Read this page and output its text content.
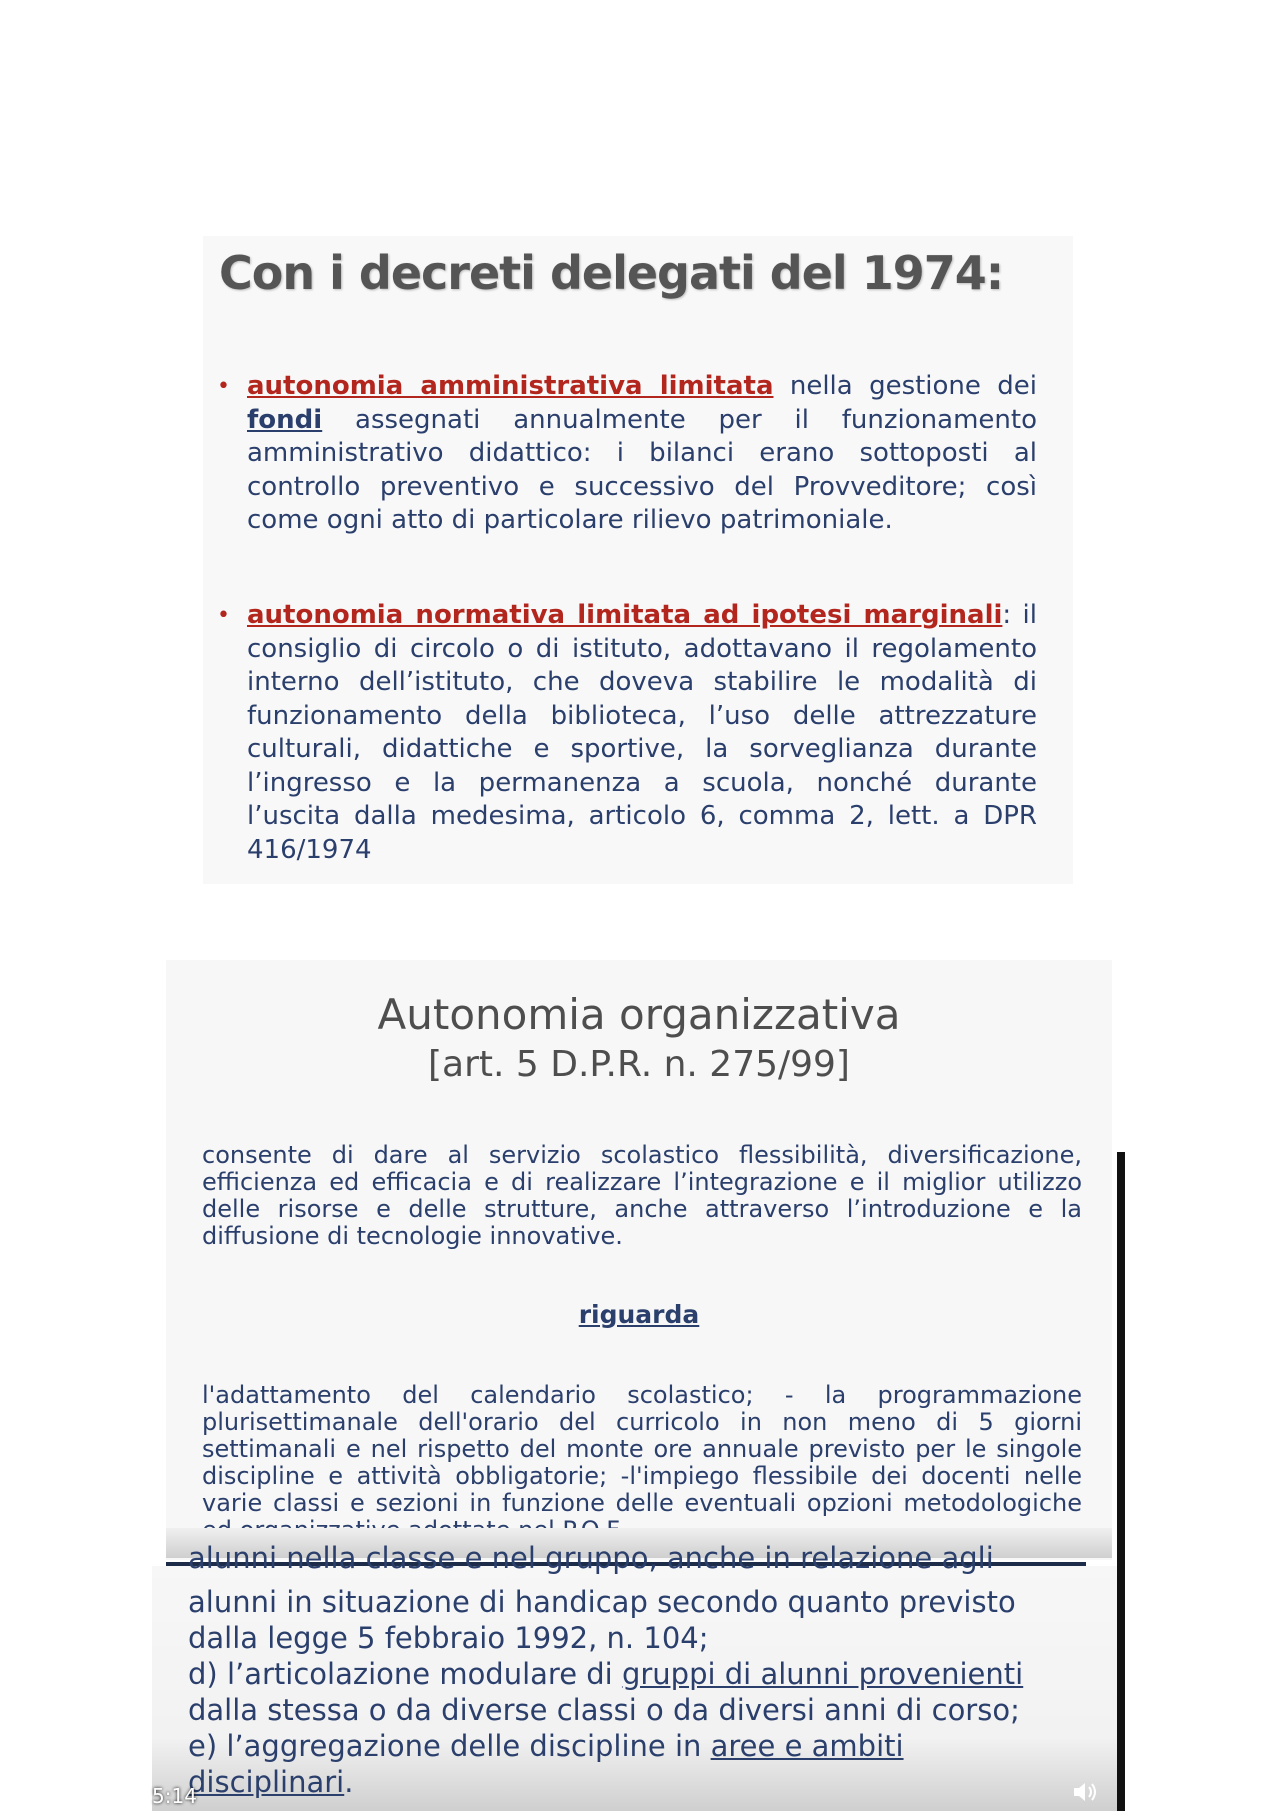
Con i decreti delegati del 1974:
• autonomia amministrativa limitata nella gestione dei fondi assegnati annualmente per il funzionamento amministrativo didattico: i bilanci erano sottoposti al controllo preventivo e successivo del Provveditore; così come ogni atto di particolare rilievo patrimoniale.
• autonomia normativa limitata ad ipotesi marginali: il consiglio di circolo o di istituto, adottavano il regolamento interno dell’istituto, che doveva stabilire le modalità di funzionamento della biblioteca, l’uso delle attrezzature culturali, didattiche e sportive, la sorveglianza durante l’ingresso e la permanenza a scuola, nonché durante l’uscita dalla medesima, articolo 6, comma 2, lett. a DPR 416/1974
Autonomia organizzativa
[art. 5 D.P.R. n. 275/99]
consente di dare al servizio scolastico flessibilità, diversificazione, efficienza ed efficacia e di realizzare l’integrazione e il miglior utilizzo delle risorse e delle strutture, anche attraverso l’introduzione e la diffusione di tecnologie innovative.
riguarda
l'adattamento del calendario scolastico; - la programmazione plurisettimanale dell'orario del curricolo in non meno di 5 giorni settimanali e nel rispetto del monte ore annuale previsto per le singole discipline e attività obbligatorie; -l'impiego flessibile dei docenti nelle varie classi e sezioni in funzione delle eventuali opzioni metodologiche
alunni nella classe e nel gruppo, anche in relazione agli
alunni in situazione di handicap secondo quanto previsto
dalla legge 5 febbraio 1992, n. 104;
d) l’articolazione modulare di gruppi di alunni provenienti
dalla stessa o da diverse classi o da diversi anni di corso;
e) l’aggregazione delle discipline in aree e ambiti
disciplinari.
5:14
